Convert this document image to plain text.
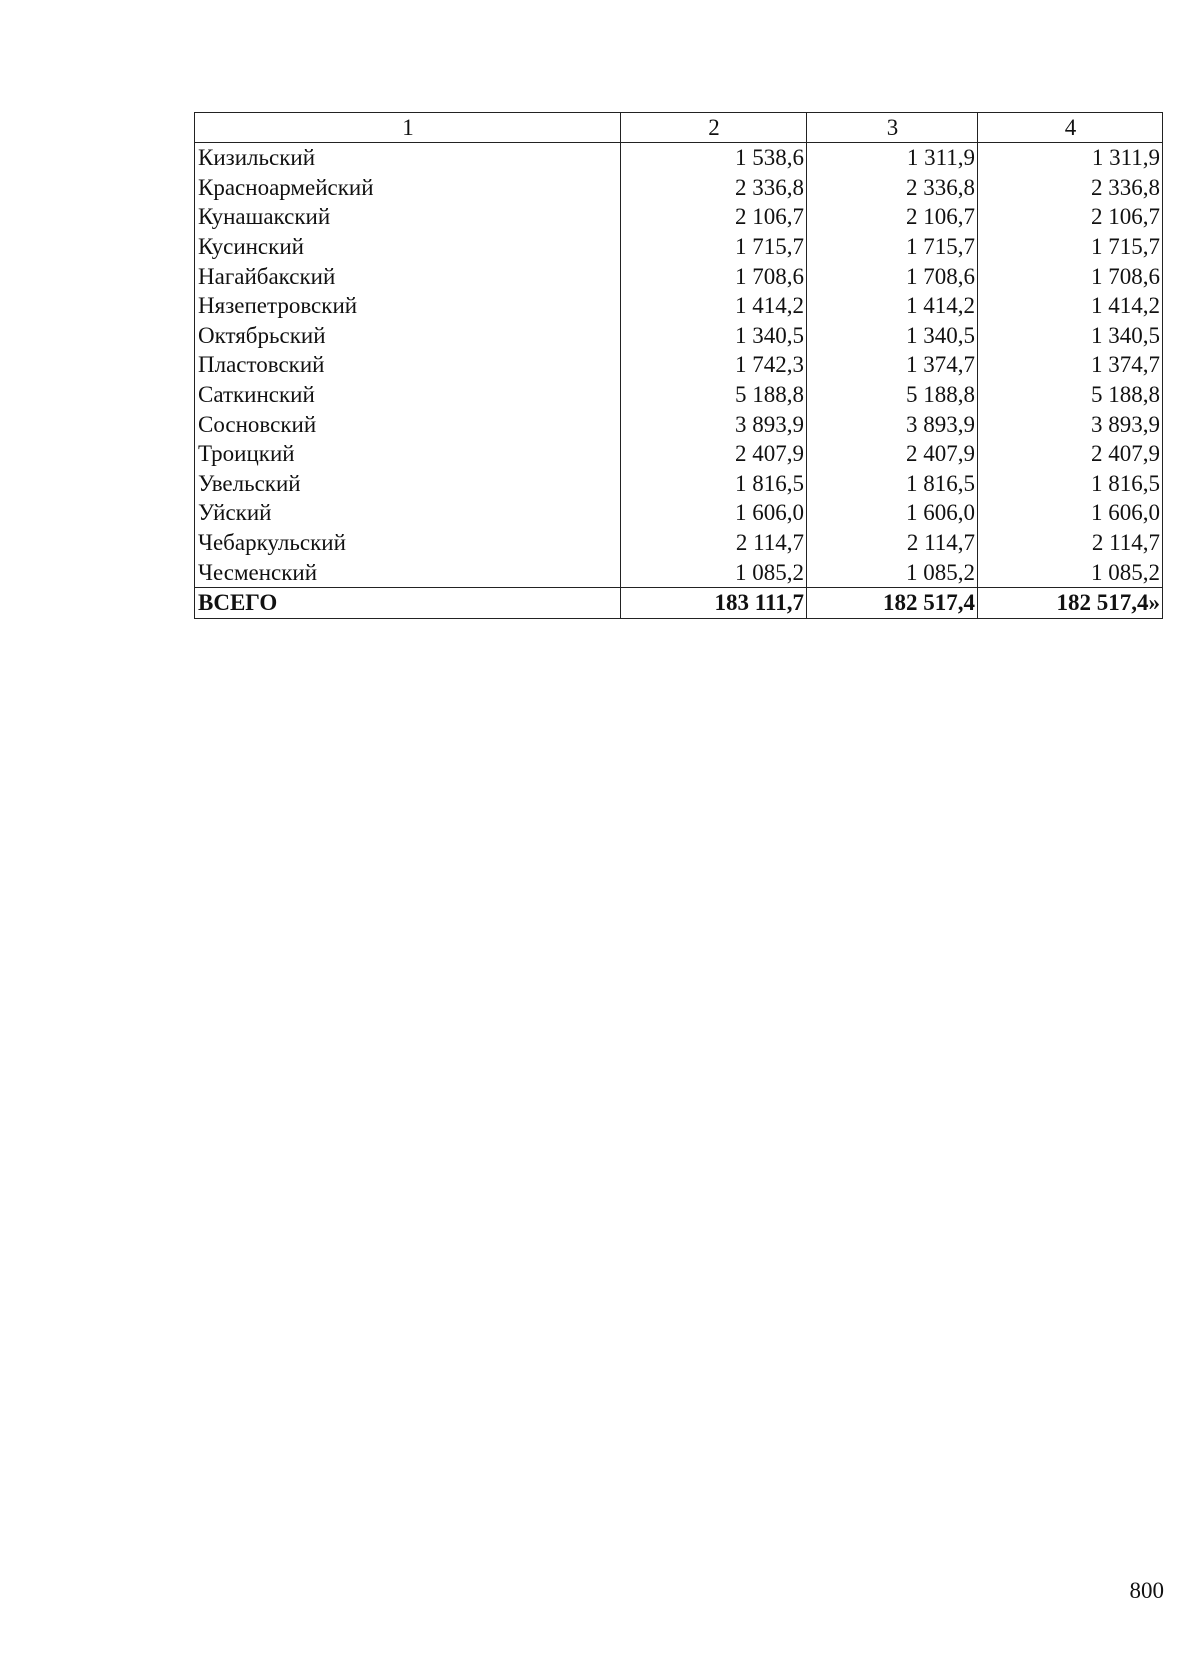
1	2	3	4
Кизильский	1 538,6	1 311,9	1 311,9
Красноармейский	2 336,8	2 336,8	2 336,8
Кунашакский	2 106,7	2 106,7	2 106,7
Кусинский	1 715,7	1 715,7	1 715,7
Нагайбакский	1 708,6	1 708,6	1 708,6
Нязепетровский	1 414,2	1 414,2	1 414,2
Октябрьский	1 340,5	1 340,5	1 340,5
Пластовский	1 742,3	1 374,7	1 374,7
Саткинский	5 188,8	5 188,8	5 188,8
Сосновский	3 893,9	3 893,9	3 893,9
Троицкий	2 407,9	2 407,9	2 407,9
Увельский	1 816,5	1 816,5	1 816,5
Уйский	1 606,0	1 606,0	1 606,0
Чебаркульский	2 114,7	2 114,7	2 114,7
Чесменский	1 085,2	1 085,2	1 085,2
ВСЕГО	183 111,7	182 517,4	182 517,4»
800
